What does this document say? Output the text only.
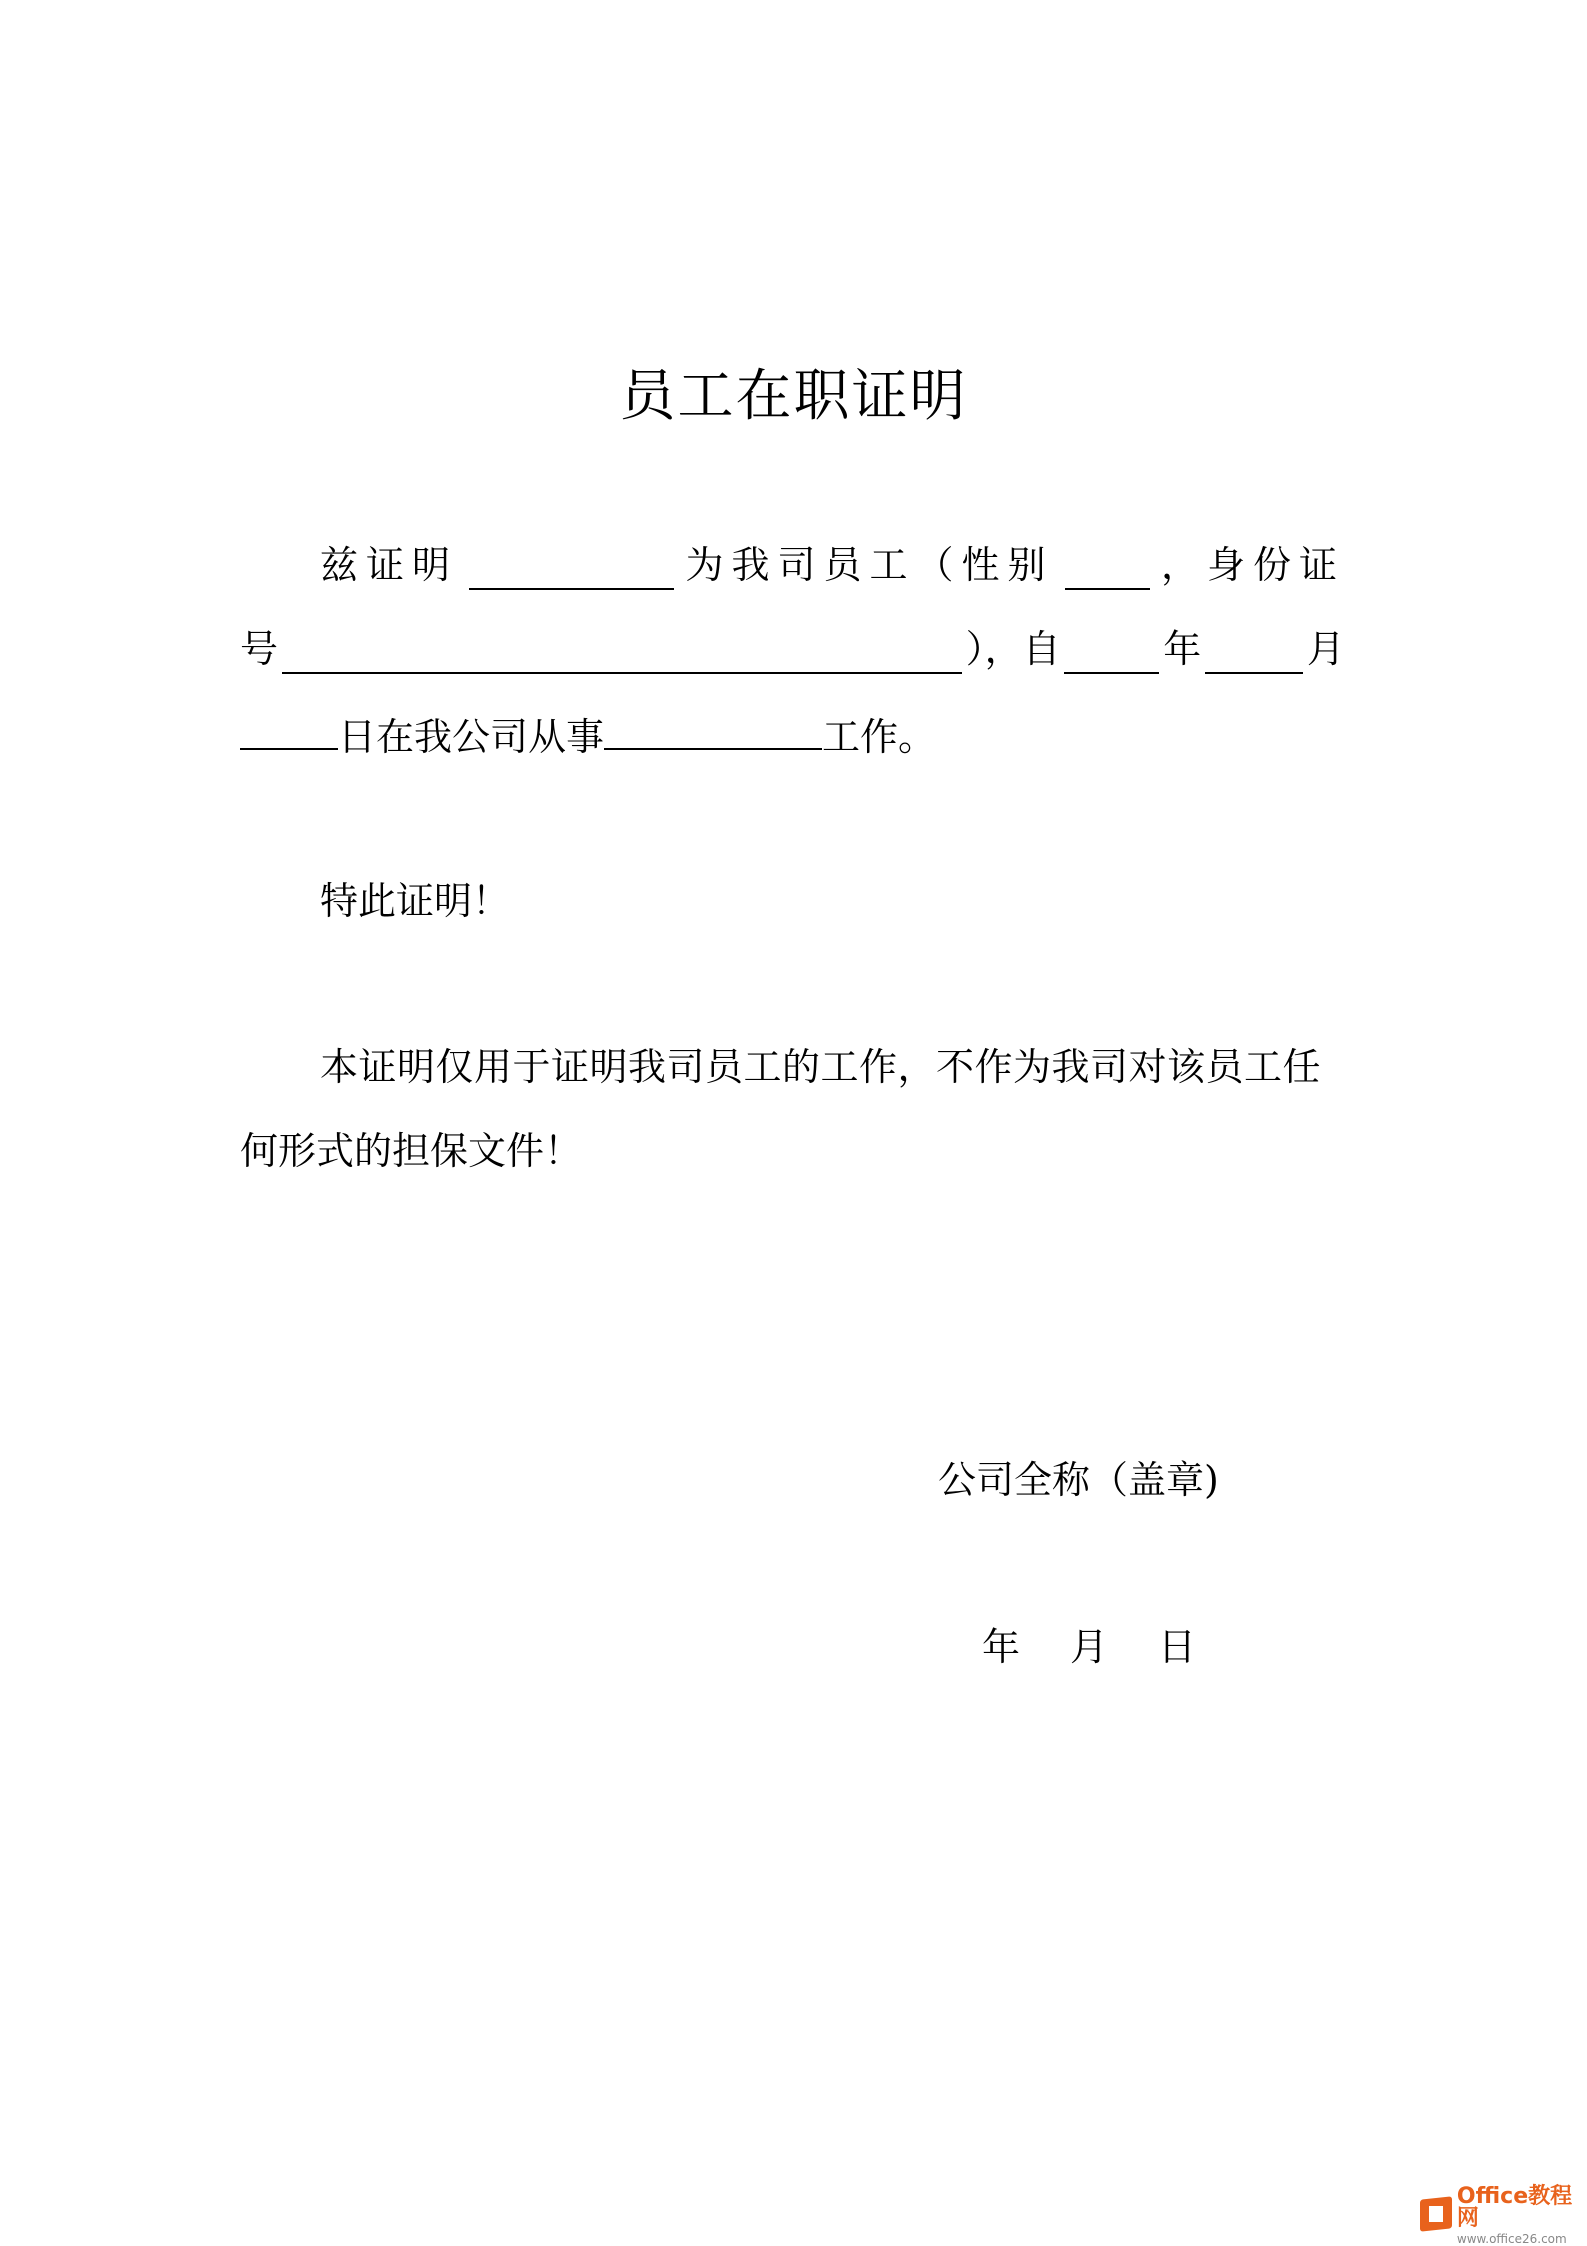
员工在职证明
兹证明	为我司员工（性别	，身份证
号	），自	年	月
日在我公司从事	工作。
特此证明！
本证明仅用于证明我司员工的工作，不作为我司对该员工任
何形式的担保文件！
公司全称（盖章)
年 月 日
Office教程网
www.office26.com
